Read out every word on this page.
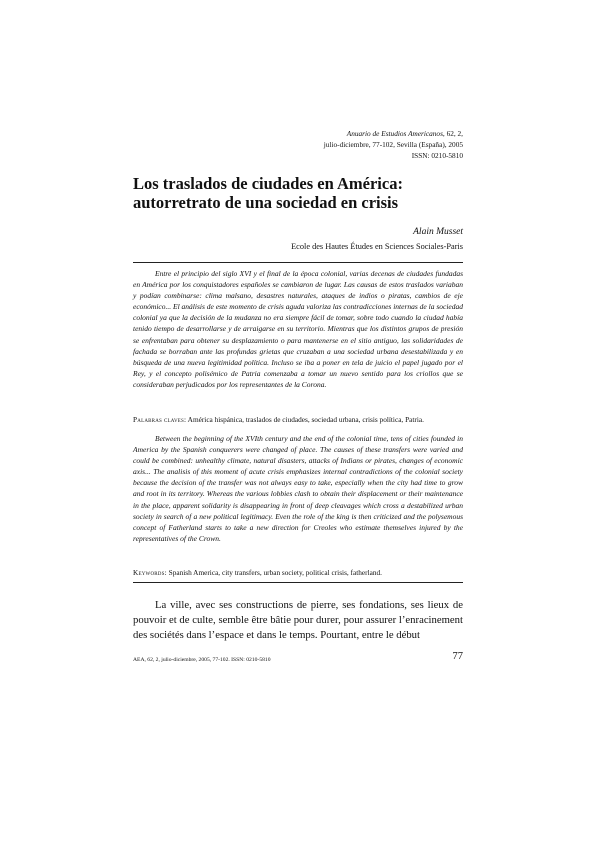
Anuario de Estudios Americanos, 62, 2,
julio-diciembre, 77-102, Sevilla (España), 2005
ISSN: 0210-5810
Los traslados de ciudades en América:
autorretrato de una sociedad en crisis
Alain Musset
Ecole des Hautes Études en Sciences Sociales-Paris

Entre el principio del siglo XVI y el final de la época colonial, varias decenas de ciudades fundadas en América por los conquistadores españoles se cambiaron de lugar. Las causas de estos traslados variaban y podían combinarse: clima malsano, desastres naturales, ataques de indios o piratas, cambios de eje económico... El análisis de este momento de crisis aguda valoriza las contradicciones internas de la sociedad colonial ya que la decisión de la mudanza no era siempre fácil de tomar, sobre todo cuando la ciudad había tenido tiempo de desarrollarse y de arraigarse en su territorio. Mientras que los distintos grupos de presión se enfrentaban para obtener su desplazamiento o para mantenerse en el sitio antiguo, las solidaridades de fachada se borraban ante las profundas grietas que cruzaban a una sociedad urbana desestabilizada y en búsqueda de una nueva legitimidad política. Incluso se iba a poner en tela de juicio el papel jugado por el Rey, y el concepto polisémico de Patria comenzaba a tomar un nuevo sentido para los criollos que se consideraban perjudicados por los representantes de la Corona.

Palabras claves: América hispánica, traslados de ciudades, sociedad urbana, crisis política, Patria.

Between the beginning of the XVIth century and the end of the colonial time, tens of cities founded in America by the Spanish conquerers were changed of place. The causes of these transfers were varied and could be combined: unhealthy climate, natural disasters, attacks of Indians or pirates, changes of economic axis... The analisis of this moment of acute crisis emphasizes internal contradictions of the colonial society because the decision of the transfer was not always easy to take, especially when the city had time to grow and root in its territory. Whereas the various lobbies clash to obtain their displacement or their maintenance in the place, apparent solidarity is disappearing in front of deep cleavages which cross a destabilized urban society in search of a new political legitimacy. Even the role of the king is then criticized and the polysemous concept of Fatherland starts to take a new direction for Creoles who estimate themselves injured by the representatives of the Crown.

Keywords: Spanish America, city transfers, urban society, political crisis, fatherland.

La ville, avec ses constructions de pierre, ses fondations, ses lieux de pouvoir et de culte, semble être bâtie pour durer, pour assurer l’enracinement des sociétés dans l’espace et dans le temps. Pourtant, entre le début

AEA, 62, 2, julio-diciembre, 2005, 77-102. ISSN: 0210-5810	77
